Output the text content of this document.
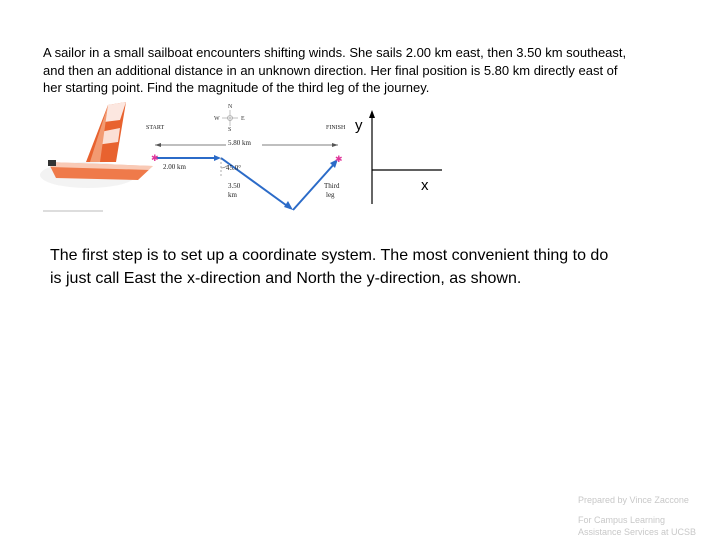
A sailor in a small sailboat encounters shifting winds. She sails 2.00 km east, then 3.50 km southeast,
and then an additional distance in an unknown direction. Her final position is 5.80 km directly east of
her starting point. Find the magnitude of the third leg of the journey.
N
W	E
S
START	FINISH
5.80 km
✱	✱
2.00 km	45.0°
3.50
km
Third
leg
y
x
The first step is to set up a coordinate system. The most convenient thing to do
is just call East the x-direction and North the y-direction, as shown.
Prepared by Vince Zaccone
For Campus Learning
Assistance Services at UCSB
